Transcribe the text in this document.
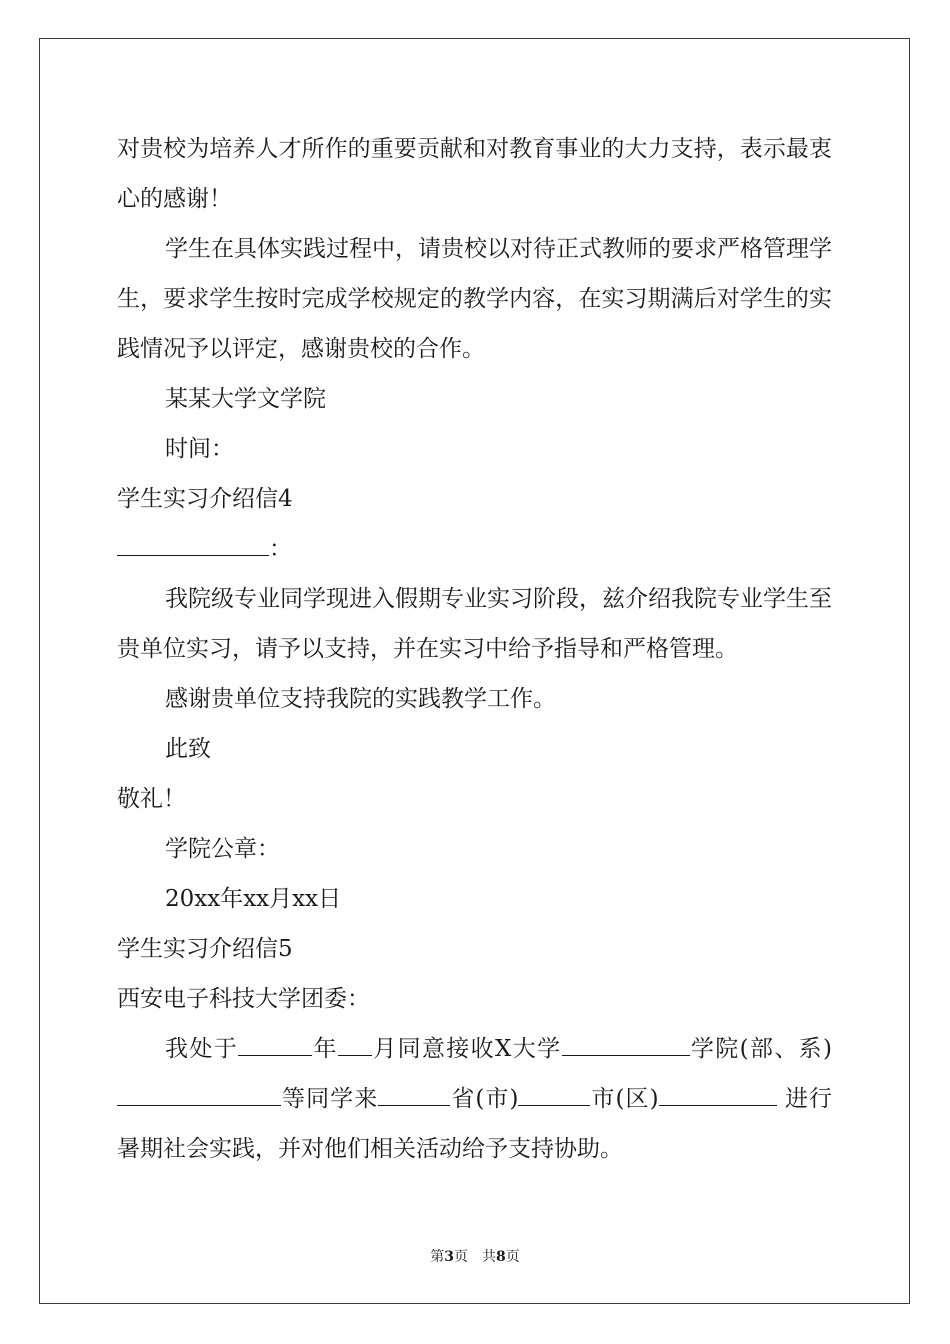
对贵校为培养人才所作的重要贡献和对教育事业的大力支持，表示最衷心的感谢！

学生在具体实践过程中，请贵校以对待正式教师的要求严格管理学生，要求学生按时完成学校规定的教学内容，在实习期满后对学生的实践情况予以评定，感谢贵校的合作。

某某大学文学院

时间：

学生实习介绍信4

：

我院级专业同学现进入假期专业实习阶段，兹介绍我院专业学生至贵单位实习，请予以支持，并在实习中给予指导和严格管理。

感谢贵单位支持我院的实践教学工作。

此致

敬礼！

学院公章：

20xx年xx月xx日

学生实习介绍信5

西安电子科技大学团委：

我处于	年 月同意接收X大学	学院(部、系)等同学来	省(市)	市(区)	进行暑期社会实践，并对他们相关活动给予支持协助。

第3页　共8页
